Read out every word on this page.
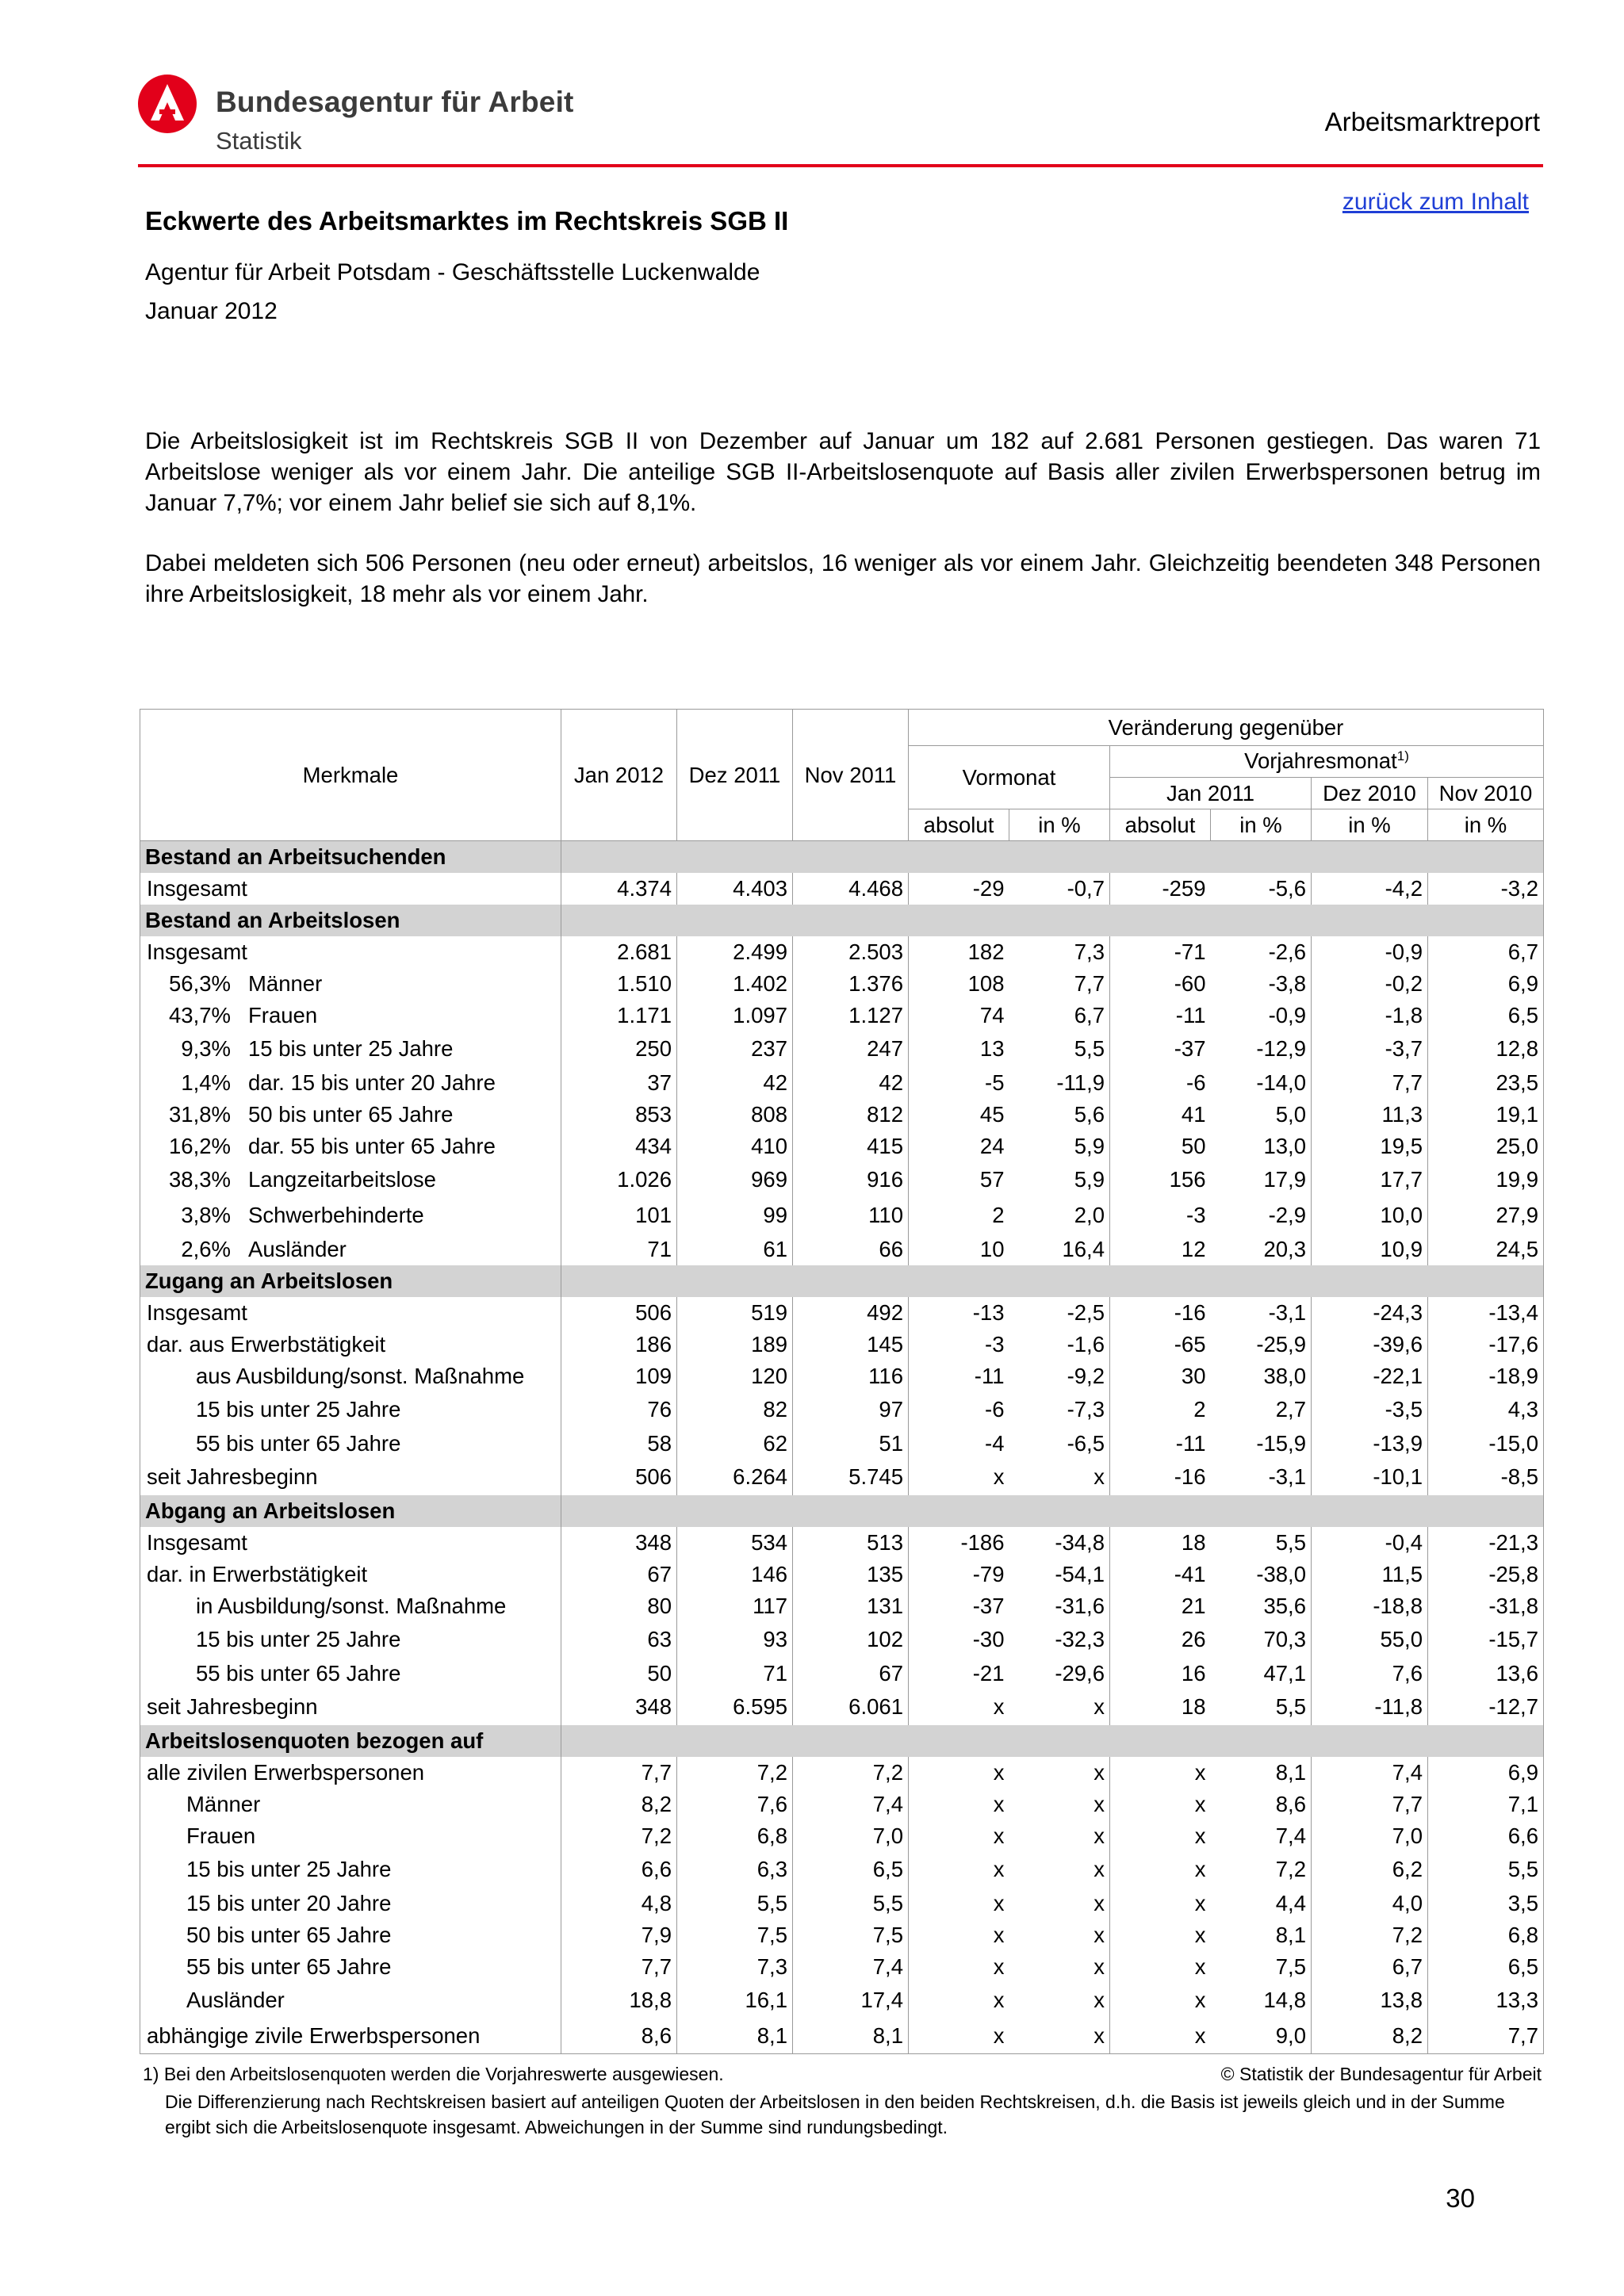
Bundesagentur für Arbeit
Statistik
Arbeitsmarktreport
Eckwerte des Arbeitsmarktes im Rechtskreis SGB II
zurück zum Inhalt
Agentur für Arbeit Potsdam - Geschäftsstelle Luckenwalde
Januar 2012
Die Arbeitslosigkeit ist im Rechtskreis SGB II von Dezember auf Januar um 182 auf 2.681 Personen gestiegen. Das waren 71 Arbeitslose weniger als vor einem Jahr. Die anteilige SGB II-Arbeitslosenquote auf Basis aller zivilen Erwerbspersonen betrug im Januar 7,7%; vor einem Jahr belief sie sich auf 8,1%.
Dabei meldeten sich 506 Personen (neu oder erneut) arbeitslos, 16 weniger als vor einem Jahr. Gleichzeitig beendeten 348 Personen ihre Arbeitslosigkeit, 18 mehr als vor einem Jahr.
Merkmale	Jan 2012	Dez 2011	Nov 2011	Veränderung gegenüber					
				Vormonat		Vorjahresmonat$^{1)}$
						Jan 2011		Dez 2010	Nov 2010
				absolut	in %	absolut	in %	in %	in %
Bestand an Arbeitsuchenden									
Insgesamt	4.374	4.403	4.468	-29	-0,7	-259	-5,6	-4,2	-3,2
Bestand an Arbeitslosen									
Insgesamt	2.681	2.499	2.503	182	7,3	-71	-2,6	-0,9	6,7
56,3% Männer	1.510	1.402	1.376	108	7,7	-60	-3,8	-0,2	6,9
43,7% Frauen	1.171	1.097	1.127	74	6,7	-11	-0,9	-1,8	6,5
9,3% 15 bis unter 25 Jahre	250	237	247	13	5,5	-37	-12,9	-3,7	12,8
1,4% dar. 15 bis unter 20 Jahre	37	42	42	-5	-11,9	-6	-14,0	7,7	23,5
31,8% 50 bis unter 65 Jahre	853	808	812	45	5,6	41	5,0	11,3	19,1
16,2% dar. 55 bis unter 65 Jahre	434	410	415	24	5,9	50	13,0	19,5	25,0
38,3% Langzeitarbeitslose	1.026	969	916	57	5,9	156	17,9	17,7	19,9
3,8% Schwerbehinderte	101	99	110	2	2,0	-3	-2,9	10,0	27,9
2,6% Ausländer	71	61	66	10	16,4	12	20,3	10,9	24,5
Zugang an Arbeitslosen									
Insgesamt	506	519	492	-13	-2,5	-16	-3,1	-24,3	-13,4
dar. aus Erwerbstätigkeit	186	189	145	-3	-1,6	-65	-25,9	-39,6	-17,6
aus Ausbildung/sonst. Maßnahme	109	120	116	-11	-9,2	30	38,0	-22,1	-18,9
15 bis unter 25 Jahre	76	82	97	-6	-7,3	2	2,7	-3,5	4,3
55 bis unter 65 Jahre	58	62	51	-4	-6,5	-11	-15,9	-13,9	-15,0
seit Jahresbeginn	506	6.264	5.745	x	x	-16	-3,1	-10,1	-8,5
Abgang an Arbeitslosen									
Insgesamt	348	534	513	-186	-34,8	18	5,5	-0,4	-21,3
dar. in Erwerbstätigkeit	67	146	135	-79	-54,1	-41	-38,0	11,5	-25,8
in Ausbildung/sonst. Maßnahme	80	117	131	-37	-31,6	21	35,6	-18,8	-31,8
15 bis unter 25 Jahre	63	93	102	-30	-32,3	26	70,3	55,0	-15,7
55 bis unter 65 Jahre	50	71	67	-21	-29,6	16	47,1	7,6	13,6
seit Jahresbeginn	348	6.595	6.061	x	x	18	5,5	-11,8	-12,7
Arbeitslosenquoten bezogen auf									
alle zivilen Erwerbspersonen	7,7	7,2	7,2	x	x	x	8,1	7,4	6,9
Männer	8,2	7,6	7,4	x	x	x	8,6	7,7	7,1
Frauen	7,2	6,8	7,0	x	x	x	7,4	7,0	6,6
15 bis unter 25 Jahre	6,6	6,3	6,5	x	x	x	7,2	6,2	5,5
15 bis unter 20 Jahre	4,8	5,5	5,5	x	x	x	4,4	4,0	3,5
50 bis unter 65 Jahre	7,9	7,5	7,5	x	x	x	8,1	7,2	6,8
55 bis unter 65 Jahre	7,7	7,3	7,4	x	x	x	7,5	6,7	6,5
Ausländer	18,8	16,1	17,4	x	x	x	14,8	13,8	13,3
abhängige zivile Erwerbspersonen	8,6	8,1	8,1	x	x	x	9,0	8,2	7,7
1) Bei den Arbeitslosenquoten werden die Vorjahreswerte ausgewiesen.	© Statistik der Bundesagentur für Arbeit
Die Differenzierung nach Rechtskreisen basiert auf anteiligen Quoten der Arbeitslosen in den beiden Rechtskreisen, d.h. die Basis ist jeweils gleich und in der Summe ergibt sich die Arbeitslosenquote insgesamt. Abweichungen in der Summe sind rundungsbedingt.
30
